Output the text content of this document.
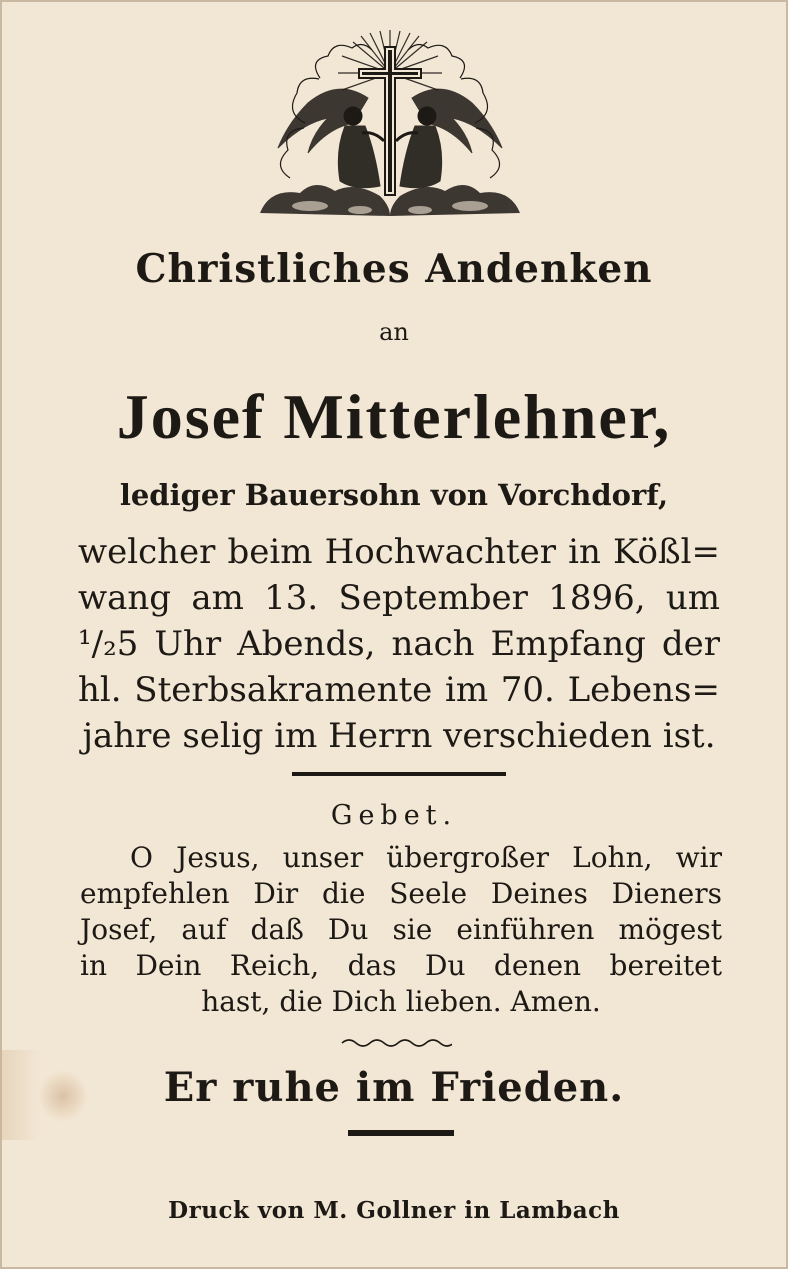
Christliches Andenken
an
Josef Mitterlehner,
lediger Bauersohn von Vorchdorf,
welcher beim Hochwachter in Kößl=
wang am 13. September 1896, um
¹/₂5 Uhr Abends, nach Empfang der
hl. Sterbsakramente im 70. Lebens=
jahre selig im Herrn verschieden ist.
Gebet.
O Jesus, unser übergroßer Lohn, wir
empfehlen Dir die Seele Deines Dieners
Josef, auf daß Du sie einführen mögest
in Dein Reich, das Du denen bereitet
hast, die Dich lieben. Amen.
Er ruhe im Frieden.
Druck von M. Gollner in Lambach
